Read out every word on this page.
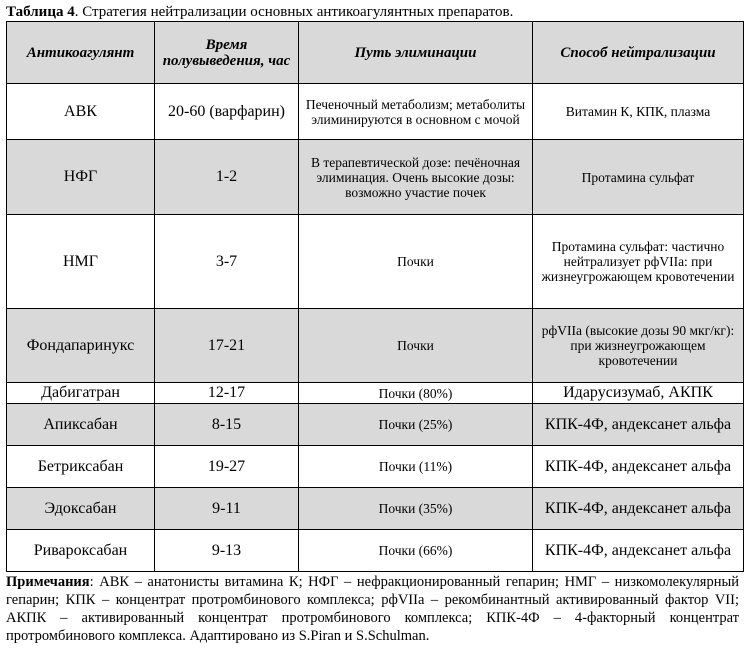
Таблица 4. Стратегия нейтрализации основных антикоагулянтных препаратов.
Антикоагулянт	Время полувыведения, час	Путь элиминации	Способ нейтрализации
АВК	20-60 (варфарин)	Печеночный метаболизм; метаболиты элиминируются в основном с мочой	Витамин К, КПК, плазма
НФГ	1-2	В терапевтической дозе: печёночная элиминация. Очень высокие дозы: возможно участие почек	Протамина сульфат
НМГ	3-7	Почки	Протамина сульфат: частично нейтрализует рфVIIa: при жизнеугрожающем кровотечении
Фондапаринукс	17-21	Почки	рфVIIa (высокие дозы 90 мкг/кг): при жизнеугрожающем кровотечении
Дабигатран	12-17	Почки (80%)	Идарусизумаб, АКПК
Апиксабан	8-15	Почки (25%)	КПК-4Ф, андексанет альфа
Бетриксабан	19-27	Почки (11%)	КПК-4Ф, андексанет альфа
Эдоксабан	9-11	Почки (35%)	КПК-4Ф, андексанет альфа
Ривароксабан	9-13	Почки (66%)	КПК-4Ф, андексанет альфа
Примечания: АВК – анатонисты витамина К; НФГ – нефракционированный гепарин; НМГ – низкомолекулярный гепарин; КПК – концентрат протромбинового комплекса; рфVIIa – рекомбинантный активированный фактор VII; АКПК – активированный концентрат протромбинового комплекса; КПК-4Ф – 4-факторный концентрат протромбинового комплекса. Адаптировано из S.Piran и S.Schulman.
